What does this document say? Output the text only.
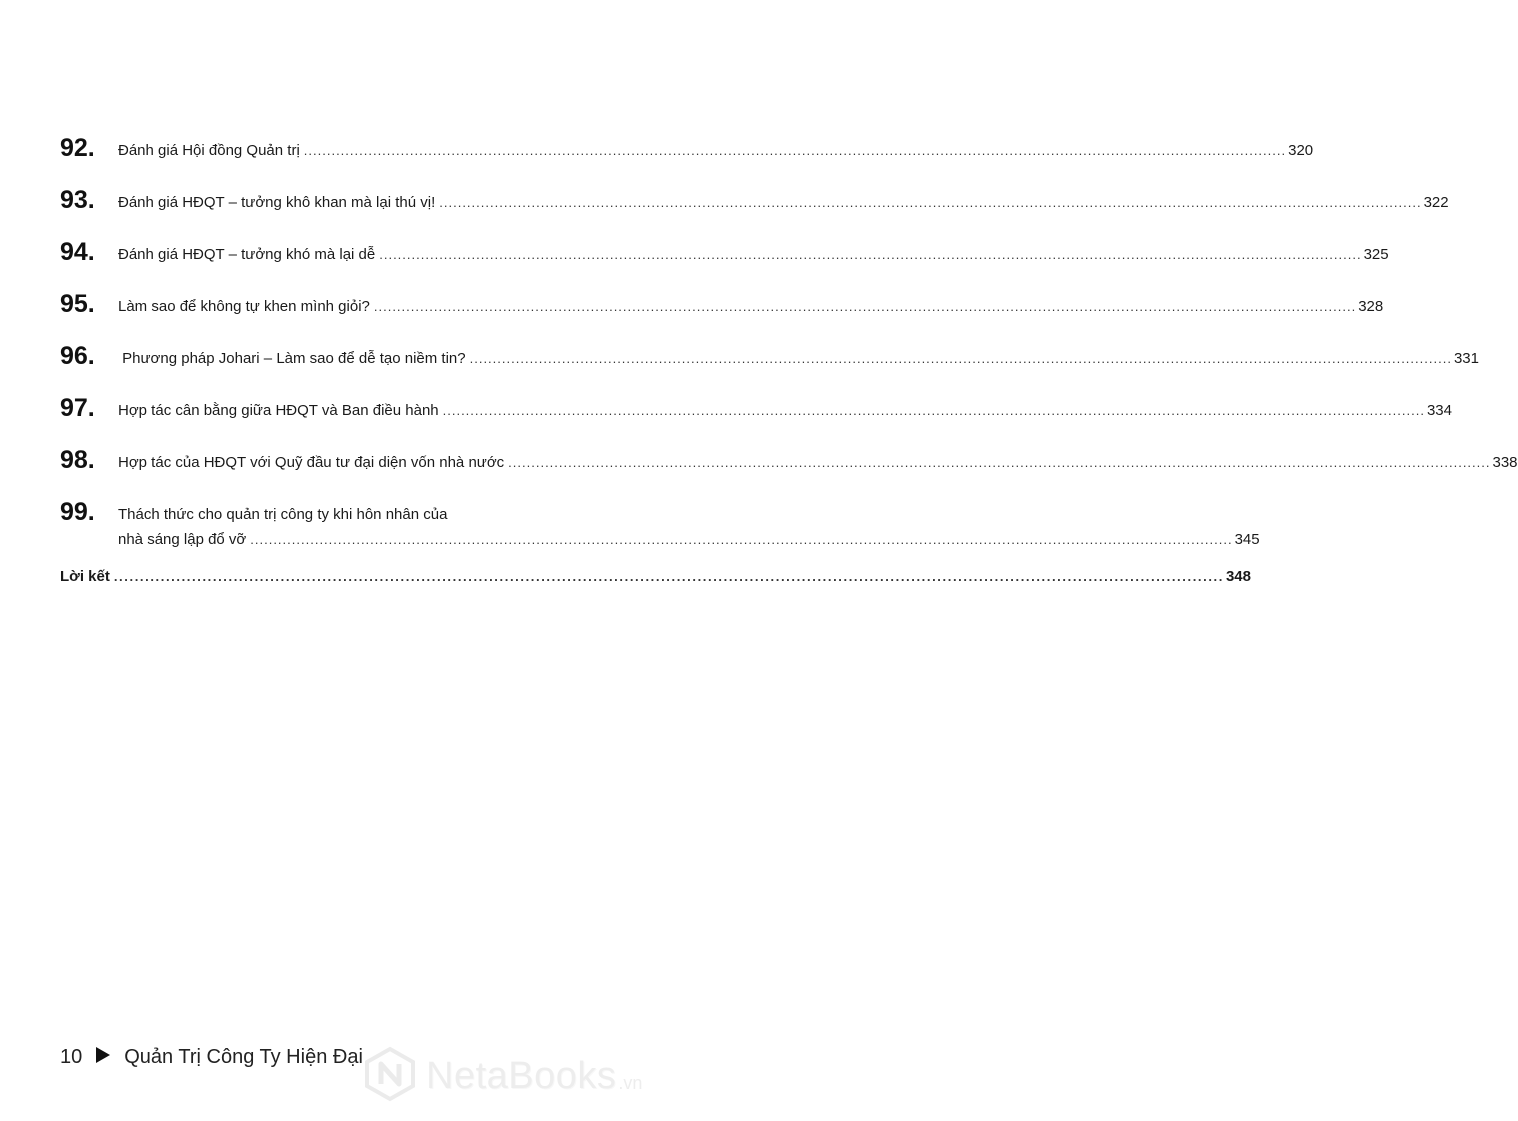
92.	Đánh giá Hội đồng Quản trị .....	320
93.	Đánh giá HĐQT – tưởng khô khan mà lại thú vị! .....	322
94.	Đánh giá HĐQT – tưởng khó mà lại dễ .....	325
95.	Làm sao để không tự khen mình giỏi? .....	328
96.	Phương pháp Johari – Làm sao để dễ tạo niềm tin? .....	331
97.	Hợp tác cân bằng giữa HĐQT và Ban điều hành .....	334
98.	Hợp tác của HĐQT với Quỹ đầu tư đại diện vốn nhà nước .....	338
99.	Thách thức cho quản trị công ty khi hôn nhân của
nhà sáng lập đổ vỡ .....	345
Lời kết .....	348
10 Quản Trị Công Ty Hiện Đại NetaBooks .vn
